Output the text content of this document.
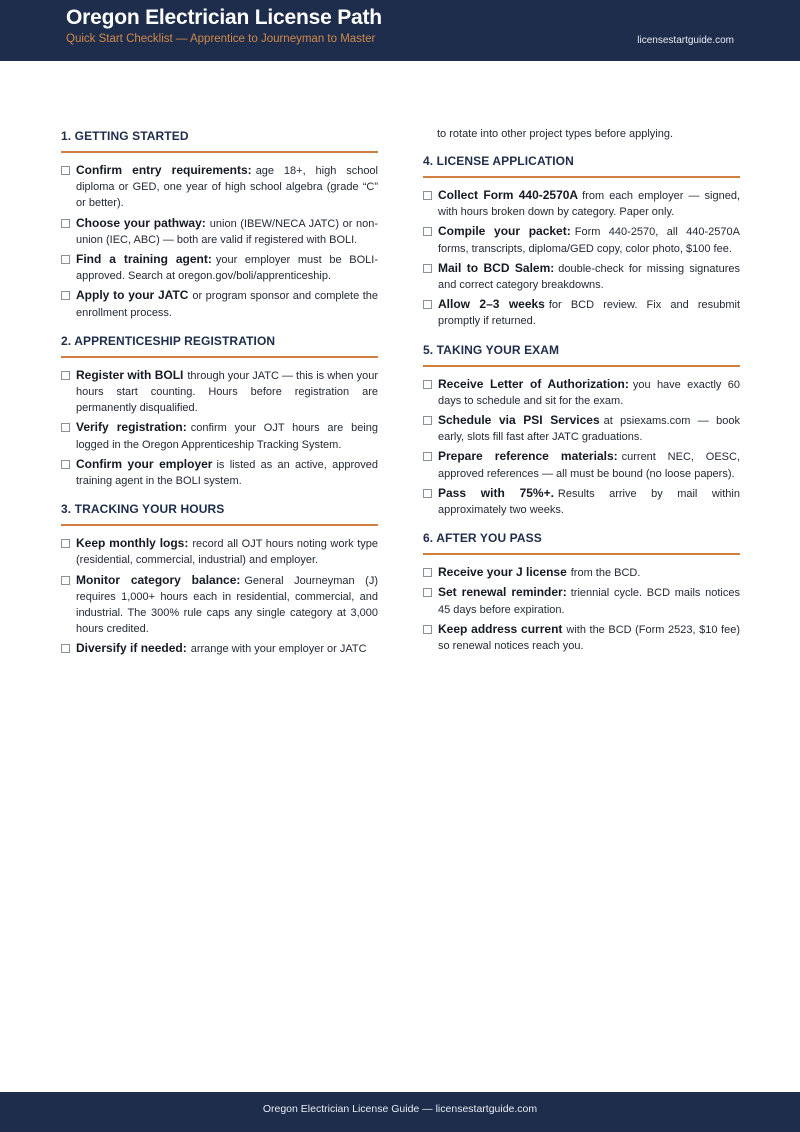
Oregon Electrician License Path
Quick Start Checklist — Apprentice to Journeyman to Master	licensestartguide.com
1. GETTING STARTED
Confirm entry requirements: age 18+, high school diploma or GED, one year of high school algebra (grade “C” or better).
Choose your pathway: union (IBEW/NECA JATC) or non-union (IEC, ABC) — both are valid if registered with BOLI.
Find a training agent: your employer must be BOLI-approved. Search at oregon.gov/boli/apprenticeship.
Apply to your JATC or program sponsor and complete the enrollment process.
2. APPRENTICESHIP REGISTRATION
Register with BOLI through your JATC — this is when your hours start counting. Hours before registration are permanently disqualified.
Verify registration: confirm your OJT hours are being logged in the Oregon Apprenticeship Tracking System.
Confirm your employer is listed as an active, approved training agent in the BOLI system.
3. TRACKING YOUR HOURS
Keep monthly logs: record all OJT hours noting work type (residential, commercial, industrial) and employer.
Monitor category balance: General Journeyman (J) requires 1,000+ hours each in residential, commercial, and industrial. The 300% rule caps any single category at 3,000 hours credited.
Diversify if needed: arrange with your employer or JATC
to rotate into other project types before applying.
4. LICENSE APPLICATION
Collect Form 440-2570A from each employer — signed, with hours broken down by category. Paper only.
Compile your packet: Form 440-2570, all 440-2570A forms, transcripts, diploma/GED copy, color photo, $100 fee.
Mail to BCD Salem: double-check for missing signatures and correct category breakdowns.
Allow 2–3 weeks for BCD review. Fix and resubmit promptly if returned.
5. TAKING YOUR EXAM
Receive Letter of Authorization: you have exactly 60 days to schedule and sit for the exam.
Schedule via PSI Services at psiexams.com — book early, slots fill fast after JATC graduations.
Prepare reference materials: current NEC, OESC, approved references — all must be bound (no loose papers).
Pass with 75%+. Results arrive by mail within approximately two weeks.
6. AFTER YOU PASS
Receive your J license from the BCD.
Set renewal reminder: triennial cycle. BCD mails notices 45 days before expiration.
Keep address current with the BCD (Form 2523, $10 fee) so renewal notices reach you.
Oregon Electrician License Guide — licensestartguide.com
